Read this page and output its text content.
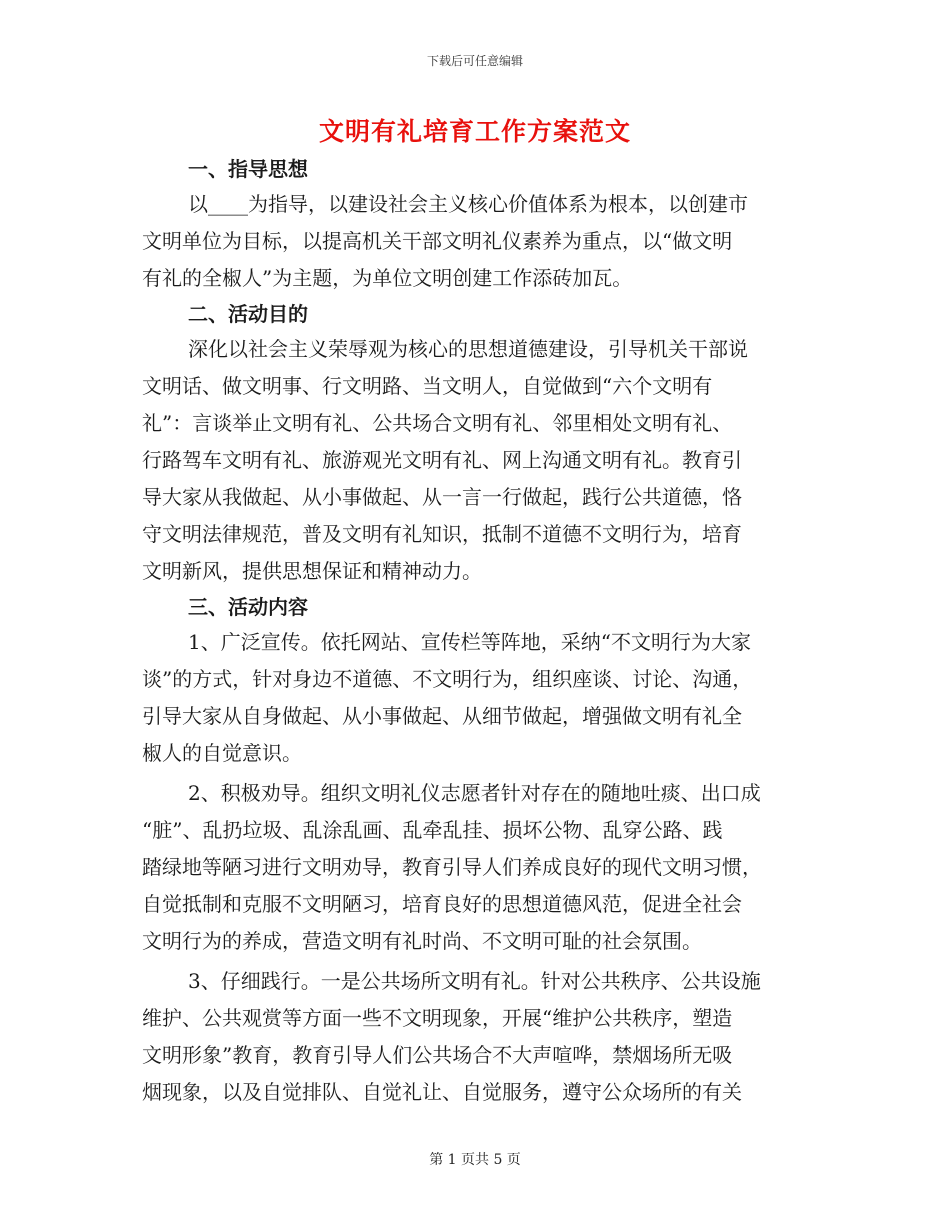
下载后可任意编辑
文明有礼培育工作方案范文
一、指导思想

以____为指导，以建设社会主义核心价值体系为根本，以创建市
文明单位为目标，以提高机关干部文明礼仪素养为重点，以“做文明
有礼的全椒人”为主题，为单位文明创建工作添砖加瓦。

二、活动目的

深化以社会主义荣辱观为核心的思想道德建设，引导机关干部说
文明话、做文明事、行文明路、当文明人，自觉做到“六个文明有
礼”：言谈举止文明有礼、公共场合文明有礼、邻里相处文明有礼、
行路驾车文明有礼、旅游观光文明有礼、网上沟通文明有礼。教育引
导大家从我做起、从小事做起、从一言一行做起，践行公共道德，恪
守文明法律规范，普及文明有礼知识，抵制不道德不文明行为，培育
文明新风，提供思想保证和精神动力。

三、活动内容

1、广泛宣传。依托网站、宣传栏等阵地，采纳“不文明行为大家
谈”的方式，针对身边不道德、不文明行为，组织座谈、讨论、沟通，
引导大家从自身做起、从小事做起、从细节做起，增强做文明有礼全
椒人的自觉意识。

2、积极劝导。组织文明礼仪志愿者针对存在的随地吐痰、出口成
“脏”、乱扔垃圾、乱涂乱画、乱牵乱挂、损坏公物、乱穿公路、践
踏绿地等陋习进行文明劝导，教育引导人们养成良好的现代文明习惯，
自觉抵制和克服不文明陋习，培育良好的思想道德风范，促进全社会
文明行为的养成，营造文明有礼时尚、不文明可耻的社会氛围。

3、仔细践行。一是公共场所文明有礼。针对公共秩序、公共设施
维护、公共观赏等方面一些不文明现象，开展“维护公共秩序，塑造
文明形象”教育，教育引导人们公共场合不大声喧哗，禁烟场所无吸
烟现象，以及自觉排队、自觉礼让、自觉服务，遵守公众场所的有关

第 1 页共 5 页
